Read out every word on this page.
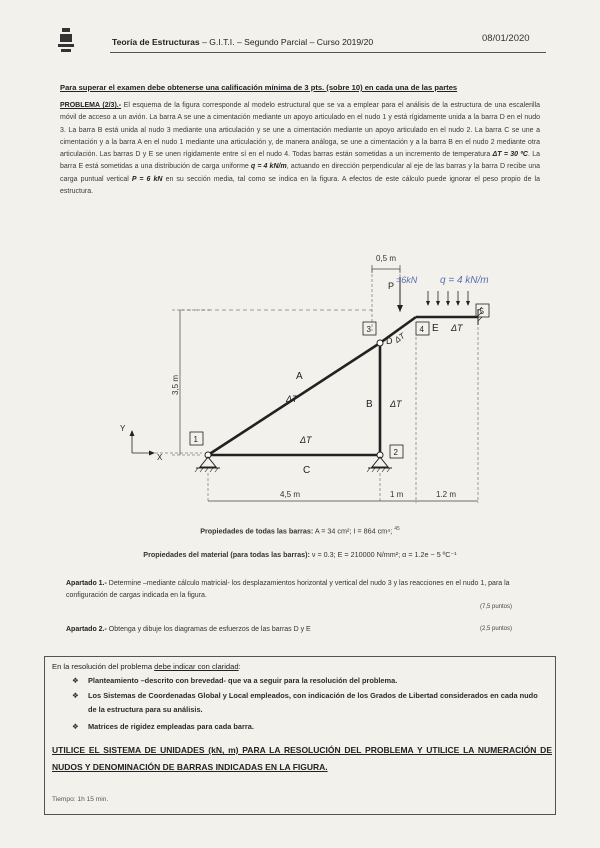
Teoría de Estructuras – G.I.T.I. – Segundo Parcial – Curso 2019/20	08/01/2020
Para superar el examen debe obtenerse una calificación mínima de 3 pts. (sobre 10) en cada una de las partes
PROBLEMA (2/3).- El esquema de la figura corresponde al modelo estructural que se va a emplear para el análisis de la estructura de una escalerilla móvil de acceso a un avión. La barra A se une a cimentación mediante un apoyo articulado en el nudo 1 y está rígidamente unida a la barra D en el nudo 3. La barra B está unida al nudo 3 mediante una articulación y se une a cimentación mediante un apoyo articulado en el nudo 2. La barra C se une a cimentación y a la barra A en el nudo 1 mediante una articulación y, de manera análoga, se une a cimentación y a la barra B en el nudo 2 mediante otra articulación. Las barras D y E se unen rígidamente entre sí en el nudo 4. Todas barras están sometidas a un incremento de temperatura ΔT = 30 ºC. La barra E está sometidas a una distribución de carga uniforme q = 4 kN/m, actuando en dirección perpendicular al eje de las barras y la barra D recibe una carga puntual vertical P = 6 kN en su sección media, tal como se indica en la figura. A efectos de este cálculo puede ignorar el peso propio de la estructura.
0,5 m
P
=6kN q = 4 kN/m
3,5 m
1
2
3	4
5
A
B
C
D
E
ΔT	ΔT
ΔT
ΔT
ΔT
Y
X
4,5 m	1 m	1.2 m
Propiedades de todas las barras: A = 34 cm²; I = 864 cm⁴; $^{45}$
Propiedades del material (para todas las barras): ν = 0.3; E = 210000 N/mm²; α = 1.2e − 5 ºC⁻¹
Apartado 1.- Determine –mediante cálculo matricial- los desplazamientos horizontal y vertical del nudo 3 y las reacciones en el nudo 1, para la configuración de cargas indicada en la figura.
(7,5 puntos)
Apartado 2.- Obtenga y dibuje los diagramas de esfuerzos de las barras D y E	(2,5 puntos)
En la resolución del problema debe indicar con claridad:
❖ Planteamiento –descrito con brevedad- que va a seguir para la resolución del problema.
❖ Los Sistemas de Coordenadas Global y Local empleados, con indicación de los Grados de Libertad considerados en cada nudo de la estructura para su análisis.
❖ Matrices de rigidez empleadas para cada barra.
UTILICE EL SISTEMA DE UNIDADES (kN, m) PARA LA RESOLUCIÓN DEL PROBLEMA Y UTILICE LA NUMERACIÓN DE NUDOS Y DENOMINACIÓN DE BARRAS INDICADAS EN LA FIGURA.
Tiempo: 1h 15 min.
